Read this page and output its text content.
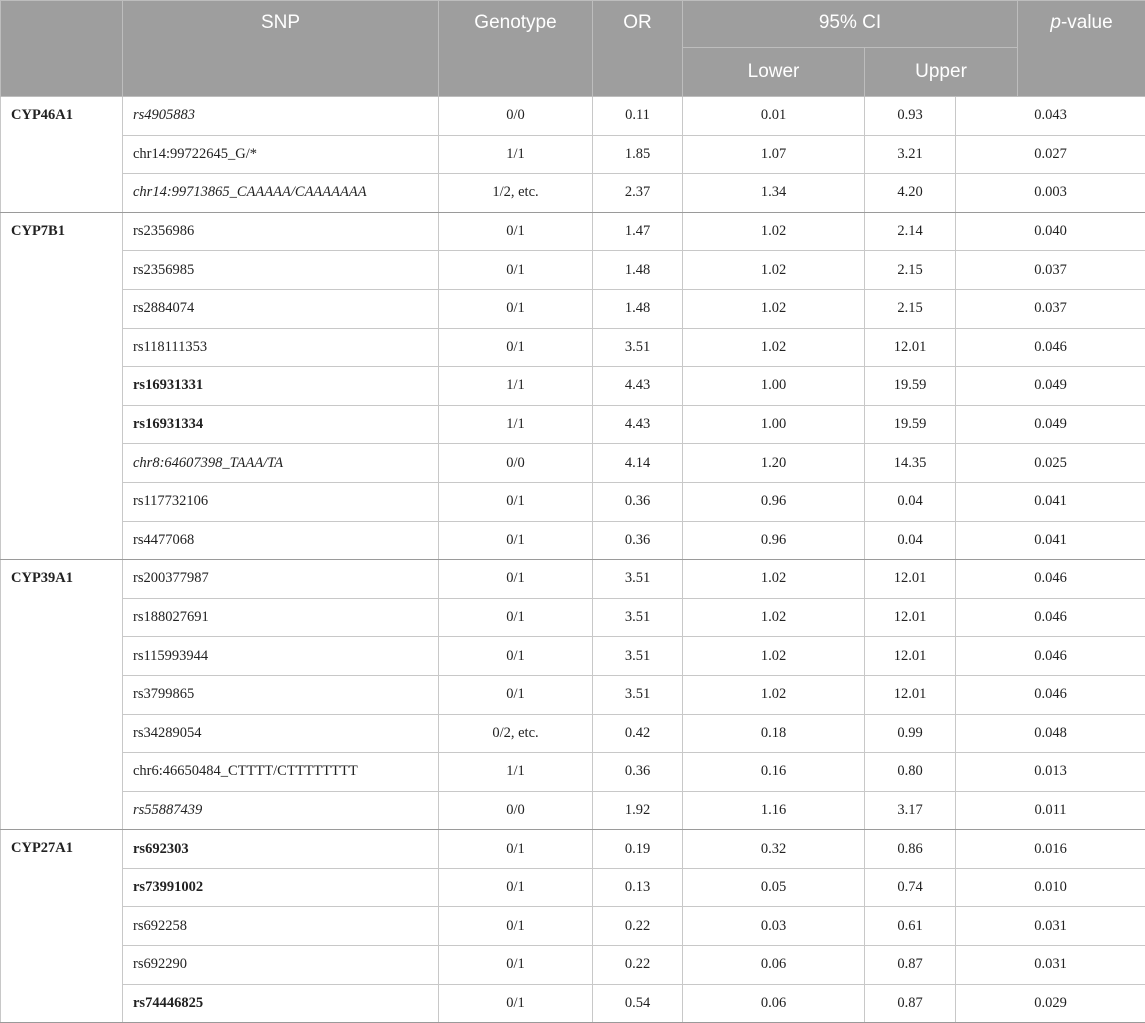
	SNP	Genotype	OR	95% CI			p-value
				Lower	Upper		
CYP46A1	rs4905883	0/0	0.11	0.01	0.93	0.043	
	chr14:99722645_G/*	1/1	1.85	1.07	3.21	0.027	
	chr14:99713865_CAAAAA/CAAAAAAA	1/2, etc.	2.37	1.34	4.20	0.003	
CYP7B1	rs2356986	0/1	1.47	1.02	2.14	0.040	
	rs2356985	0/1	1.48	1.02	2.15	0.037	
	rs2884074	0/1	1.48	1.02	2.15	0.037	
	rs118111353	0/1	3.51	1.02	12.01	0.046	
	rs16931331	1/1	4.43	1.00	19.59	0.049	
	rs16931334	1/1	4.43	1.00	19.59	0.049	
	chr8:64607398_TAAA/TA	0/0	4.14	1.20	14.35	0.025	
	rs117732106	0/1	0.36	0.96	0.04	0.041	
	rs4477068	0/1	0.36	0.96	0.04	0.041	
CYP39A1	rs200377987	0/1	3.51	1.02	12.01	0.046	
	rs188027691	0/1	3.51	1.02	12.01	0.046	
	rs115993944	0/1	3.51	1.02	12.01	0.046	
	rs3799865	0/1	3.51	1.02	12.01	0.046	
	rs34289054	0/2, etc.	0.42	0.18	0.99	0.048	
	chr6:46650484_CTTTT/CTTTTTTTT	1/1	0.36	0.16	0.80	0.013	
	rs55887439	0/0	1.92	1.16	3.17	0.011	
CYP27A1	rs692303	0/1	0.19	0.32	0.86	0.016	
	rs73991002	0/1	0.13	0.05	0.74	0.010	
	rs692258	0/1	0.22	0.03	0.61	0.031	
	rs692290	0/1	0.22	0.06	0.87	0.031	
	rs74446825	0/1	0.54	0.06	0.87	0.029	
